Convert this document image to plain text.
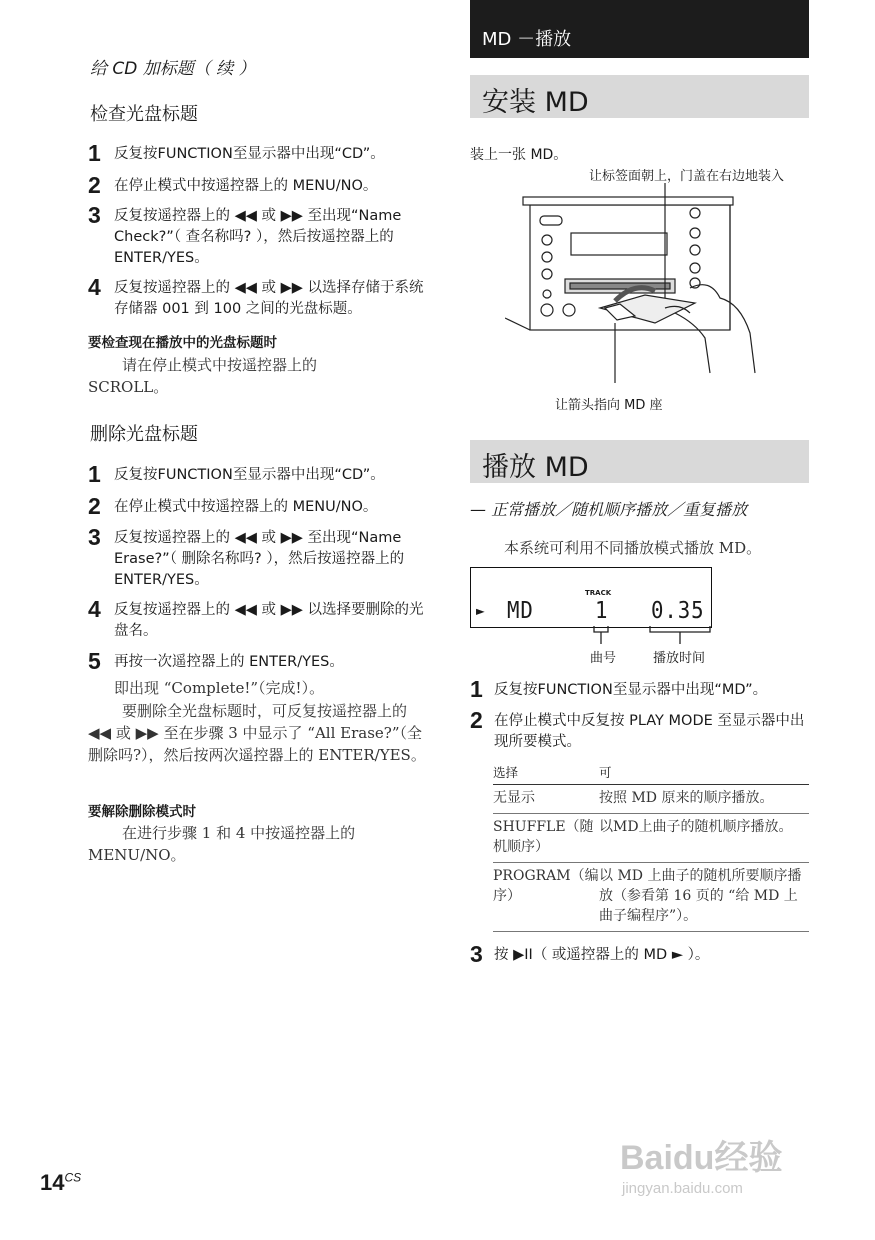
给 CD 加标题（ 续 ）
检查光盘标题
1 反复按FUNCTION至显示器中出现“CD”。
2 在停止模式中按遥控器上的 MENU/NO。
3 反复按遥控器上的 ◀◀ 或 ▶▶ 至出现“Name Check?”（ 查名称吗? ），然后按遥控器上的 ENTER/YES。
4 反复按遥控器上的 ◀◀ 或 ▶▶ 以选择存储于系统存储器 001 到 100 之间的光盘标题。
要检查现在播放中的光盘标题时
请在停止模式中按遥控器上的SCROLL。
删除光盘标题
1 反复按FUNCTION至显示器中出现“CD”。
2 在停止模式中按遥控器上的 MENU/NO。
3 反复按遥控器上的 ◀◀ 或 ▶▶ 至出现“Name Erase?”（ 删除名称吗? ），然后按遥控器上的 ENTER/YES。
4 反复按遥控器上的 ◀◀ 或 ▶▶ 以选择要删除的光盘名。
5 再按一次遥控器上的 ENTER/YES。
即出现 “Complete!”（完成!）。
要删除全光盘标题时，可反复按遥控器上的 ◀◀ 或 ▶▶ 至在步骤 3 中显示了 “All Erase?”（全删除吗?），然后按两次遥控器上的 ENTER/YES。
要解除删除模式时
在进行步骤 1 和 4 中按遥控器上的MENU/NO。
$14^{CS}$
MD －播放
安装 MD
装上一张 MD。
让标签面朝上，门盖在右边地装入
让箭头指向 MD 座
播放 MD
— 正常播放／随机顺序播放／重复播放
本系统可利用不同播放模式播放 MD。
TRACK
► MD	1 0.35
曲号	播放时间
1 反复按FUNCTION至显示器中出现“MD”。
2 在停止模式中反复按 PLAY MODE 至显示器中出现所要模式。
选择	可
无显示	按照 MD 原来的顺序播放。
SHUFFLE（随机顺序）	以MD上曲子的随机顺序播放。
PROGRAM（编序）	以 MD 上曲子的随机所要顺序播放（参看第 16 页的 “给 MD 上曲子编程序”）。
3 按 ▶II（ 或遥控器上的 MD ► ）。
Baidu经验
jingyan.baidu.com
